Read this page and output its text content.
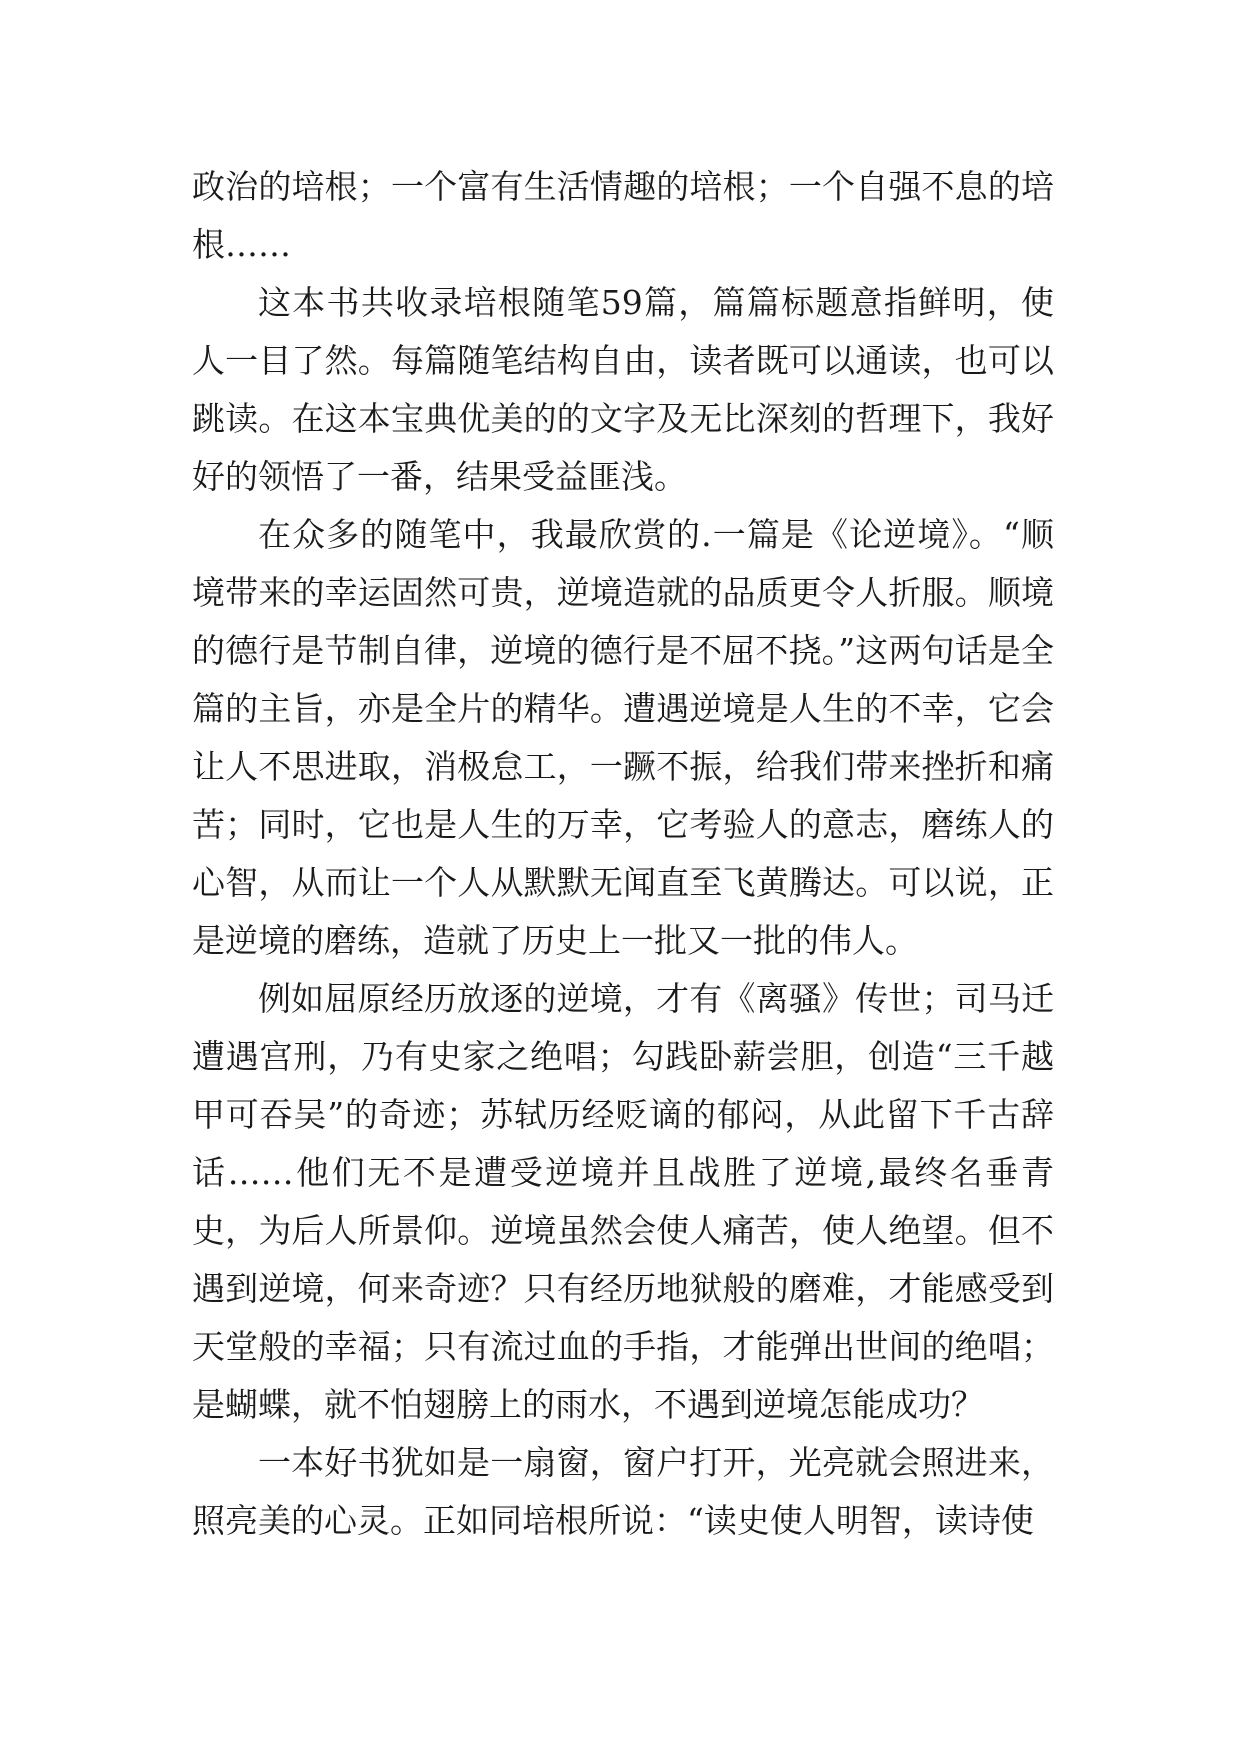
政治的培根；一个富有生活情趣的培根；一个自强不息的培根……

这本书共收录培根随笔59篇，篇篇标题意指鲜明，使人一目了然。每篇随笔结构自由，读者既可以通读，也可以跳读。在这本宝典优美的的文字及无比深刻的哲理下，我好好的领悟了一番，结果受益匪浅。

在众多的随笔中，我最欣赏的.一篇是《论逆境》。“顺境带来的幸运固然可贵，逆境造就的品质更令人折服。顺境的德行是节制自律，逆境的德行是不屈不挠。”这两句话是全篇的主旨，亦是全片的精华。遭遇逆境是人生的不幸，它会让人不思进取，消极怠工，一蹶不振，给我们带来挫折和痛苦；同时，它也是人生的万幸，它考验人的意志，磨练人的心智，从而让一个人从默默无闻直至飞黄腾达。可以说，正是逆境的磨练，造就了历史上一批又一批的伟人。

例如屈原经历放逐的逆境，才有《离骚》传世；司马迁遭遇宫刑，乃有史家之绝唱；勾践卧薪尝胆，创造“三千越甲可吞吴”的奇迹；苏轼历经贬谪的郁闷，从此留下千古辞话……他们无不是遭受逆境并且战胜了逆境,最终名垂青史，为后人所景仰。逆境虽然会使人痛苦，使人绝望。但不遇到逆境，何来奇迹？只有经历地狱般的磨难，才能感受到天堂般的幸福；只有流过血的手指，才能弹出世间的绝唱；是蝴蝶，就不怕翅膀上的雨水，不遇到逆境怎能成功？

一本好书犹如是一扇窗，窗户打开，光亮就会照进来，照亮美的心灵。正如同培根所说：“读史使人明智，读诗使
